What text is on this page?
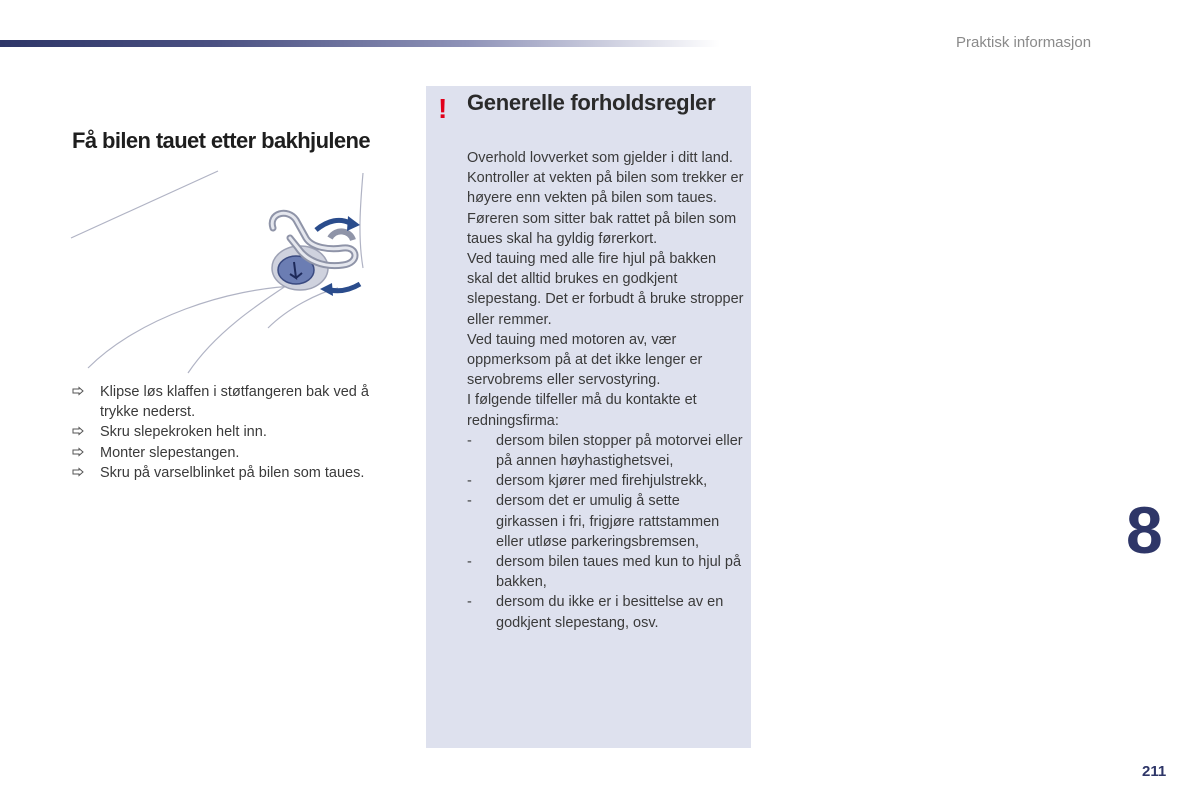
Praktisk informasjon
Få bilen tauet etter bakhjulene
Klipse løs klaffen i støtfangeren bak ved å trykke nederst.
Skru slepekroken helt inn.
Monter slepestangen.
Skru på varselblinket på bilen som taues.
! Generelle forholdsregler

Overhold lovverket som gjelder i ditt land.

Kontroller at vekten på bilen som trekker er høyere enn vekten på bilen som taues.

Føreren som sitter bak rattet på bilen som taues skal ha gyldig førerkort.

Ved tauing med alle fire hjul på bakken skal det alltid brukes en godkjent slepestang. Det er forbudt å bruke stropper eller remmer.

Ved tauing med motoren av, vær oppmerksom på at det ikke lenger er servobrems eller servostyring.

I følgende tilfeller må du kontakte et redningsfirma:

- dersom bilen stopper på motorvei eller på annen høyhastighetsvei,
- dersom kjører med firehjulstrekk,
- dersom det er umulig å sette girkassen i fri, frigjøre rattstammen eller utløse parkeringsbremsen,
- dersom bilen taues med kun to hjul på bakken,
- dersom du ikke er i besittelse av en godkjent slepestang, osv.
8
211
